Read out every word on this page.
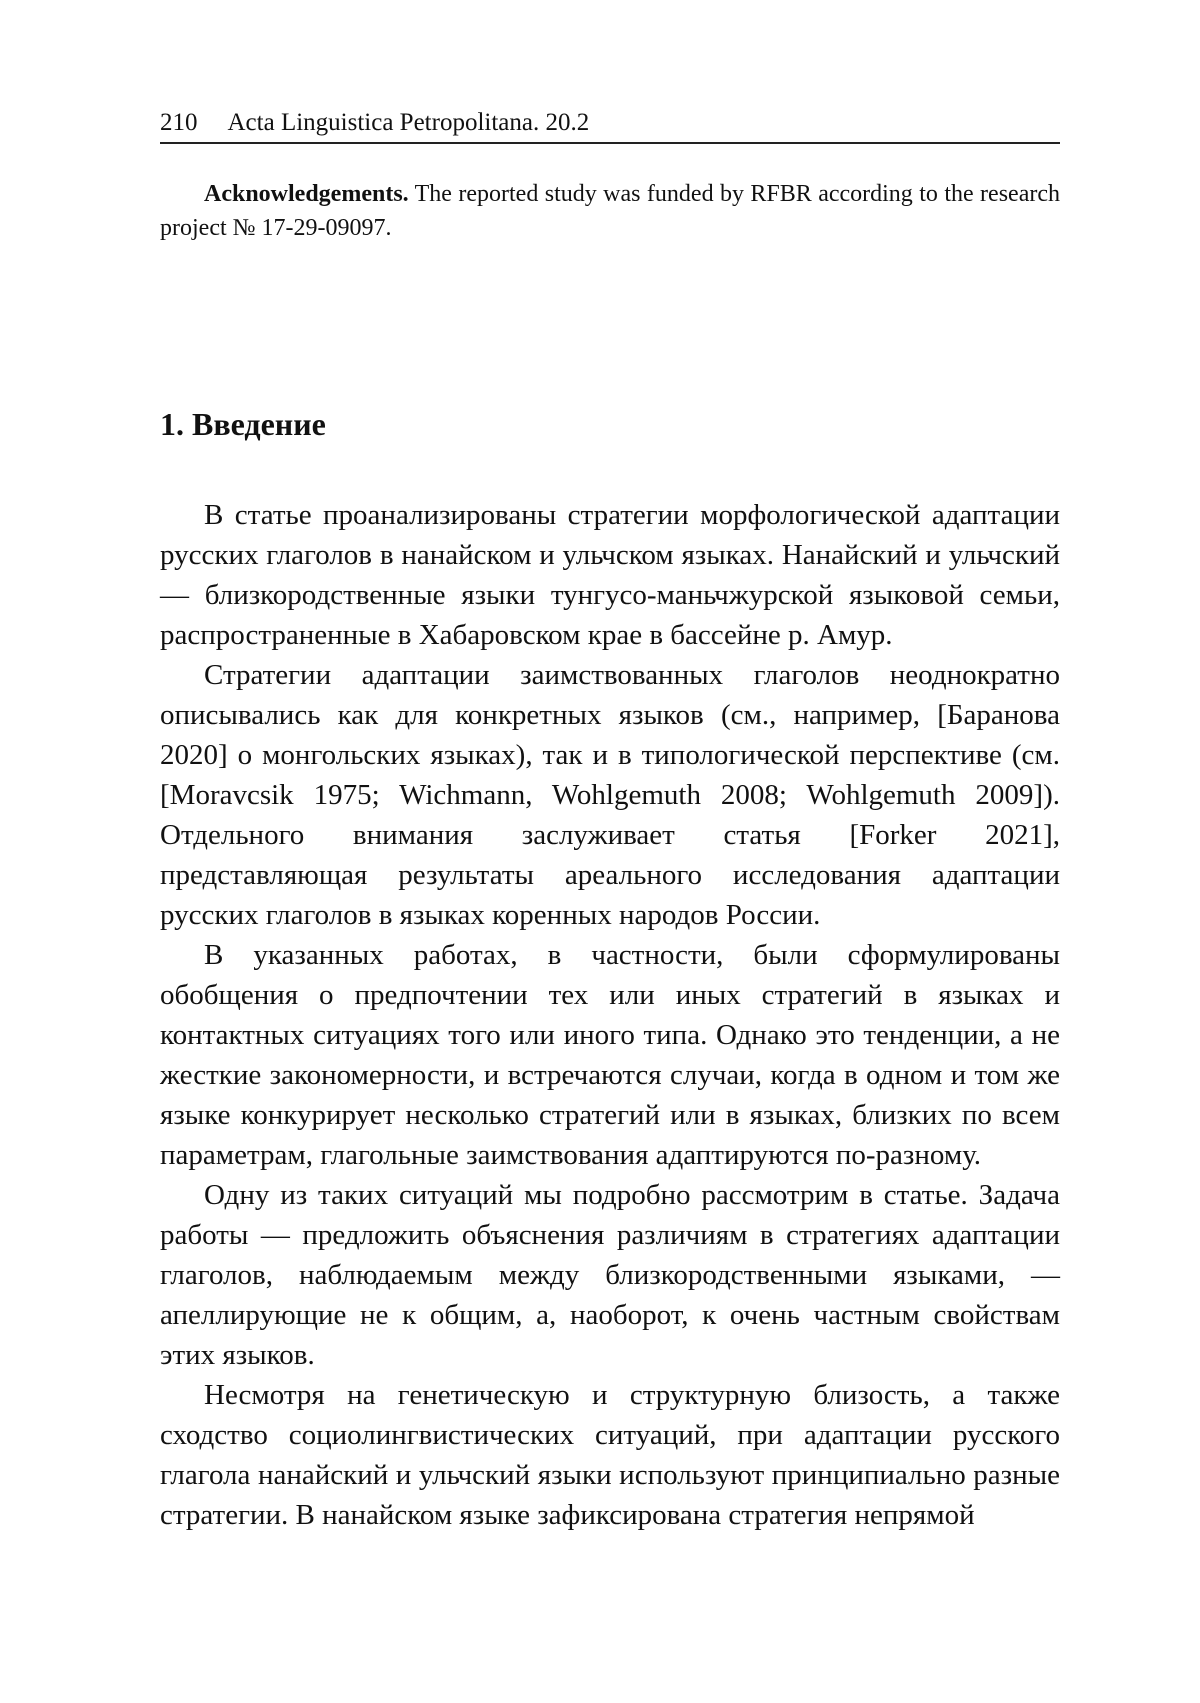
210 Acta Linguistica Petropolitana. 20.2

Acknowledgements. The reported study was funded by RFBR according to the research project № 17-29-09097.

1. Введение

В статье проанализированы стратегии морфологической адаптации русских глаголов в нанайском и ульчском языках. Нанайский и ульчский — близкородственные языки тунгусо-маньчжурской языковой семьи, распространенные в Хабаровском крае в бассейне р. Амур.

Стратегии адаптации заимствованных глаголов неоднократно описывались как для конкретных языков (см., например, [Баранова 2020] о монгольских языках), так и в типологической перспективе (см. [Moravcsik 1975; Wichmann, Wohlgemuth 2008; Wohlgemuth 2009]). Отдельного внимания заслуживает статья [Forker 2021], представляющая результаты ареального исследования адаптации русских глаголов в языках коренных народов России.

В указанных работах, в частности, были сформулированы обобщения о предпочтении тех или иных стратегий в языках и контактных ситуациях того или иного типа. Однако это тенденции, а не жесткие закономерности, и встречаются случаи, когда в одном и том же языке конкурирует несколько стратегий или в языках, близких по всем параметрам, глагольные заимствования адаптируются по-разному.

Одну из таких ситуаций мы подробно рассмотрим в статье. Задача работы — предложить объяснения различиям в стратегиях адаптации глаголов, наблюдаемым между близкородственными языками, — апеллирующие не к общим, а, наоборот, к очень частным свойствам этих языков.

Несмотря на генетическую и структурную близость, а также сходство социолингвистических ситуаций, при адаптации русского глагола нанайский и ульчский языки используют принципиально разные стратегии. В нанайском языке зафиксирована стратегия непрямой
